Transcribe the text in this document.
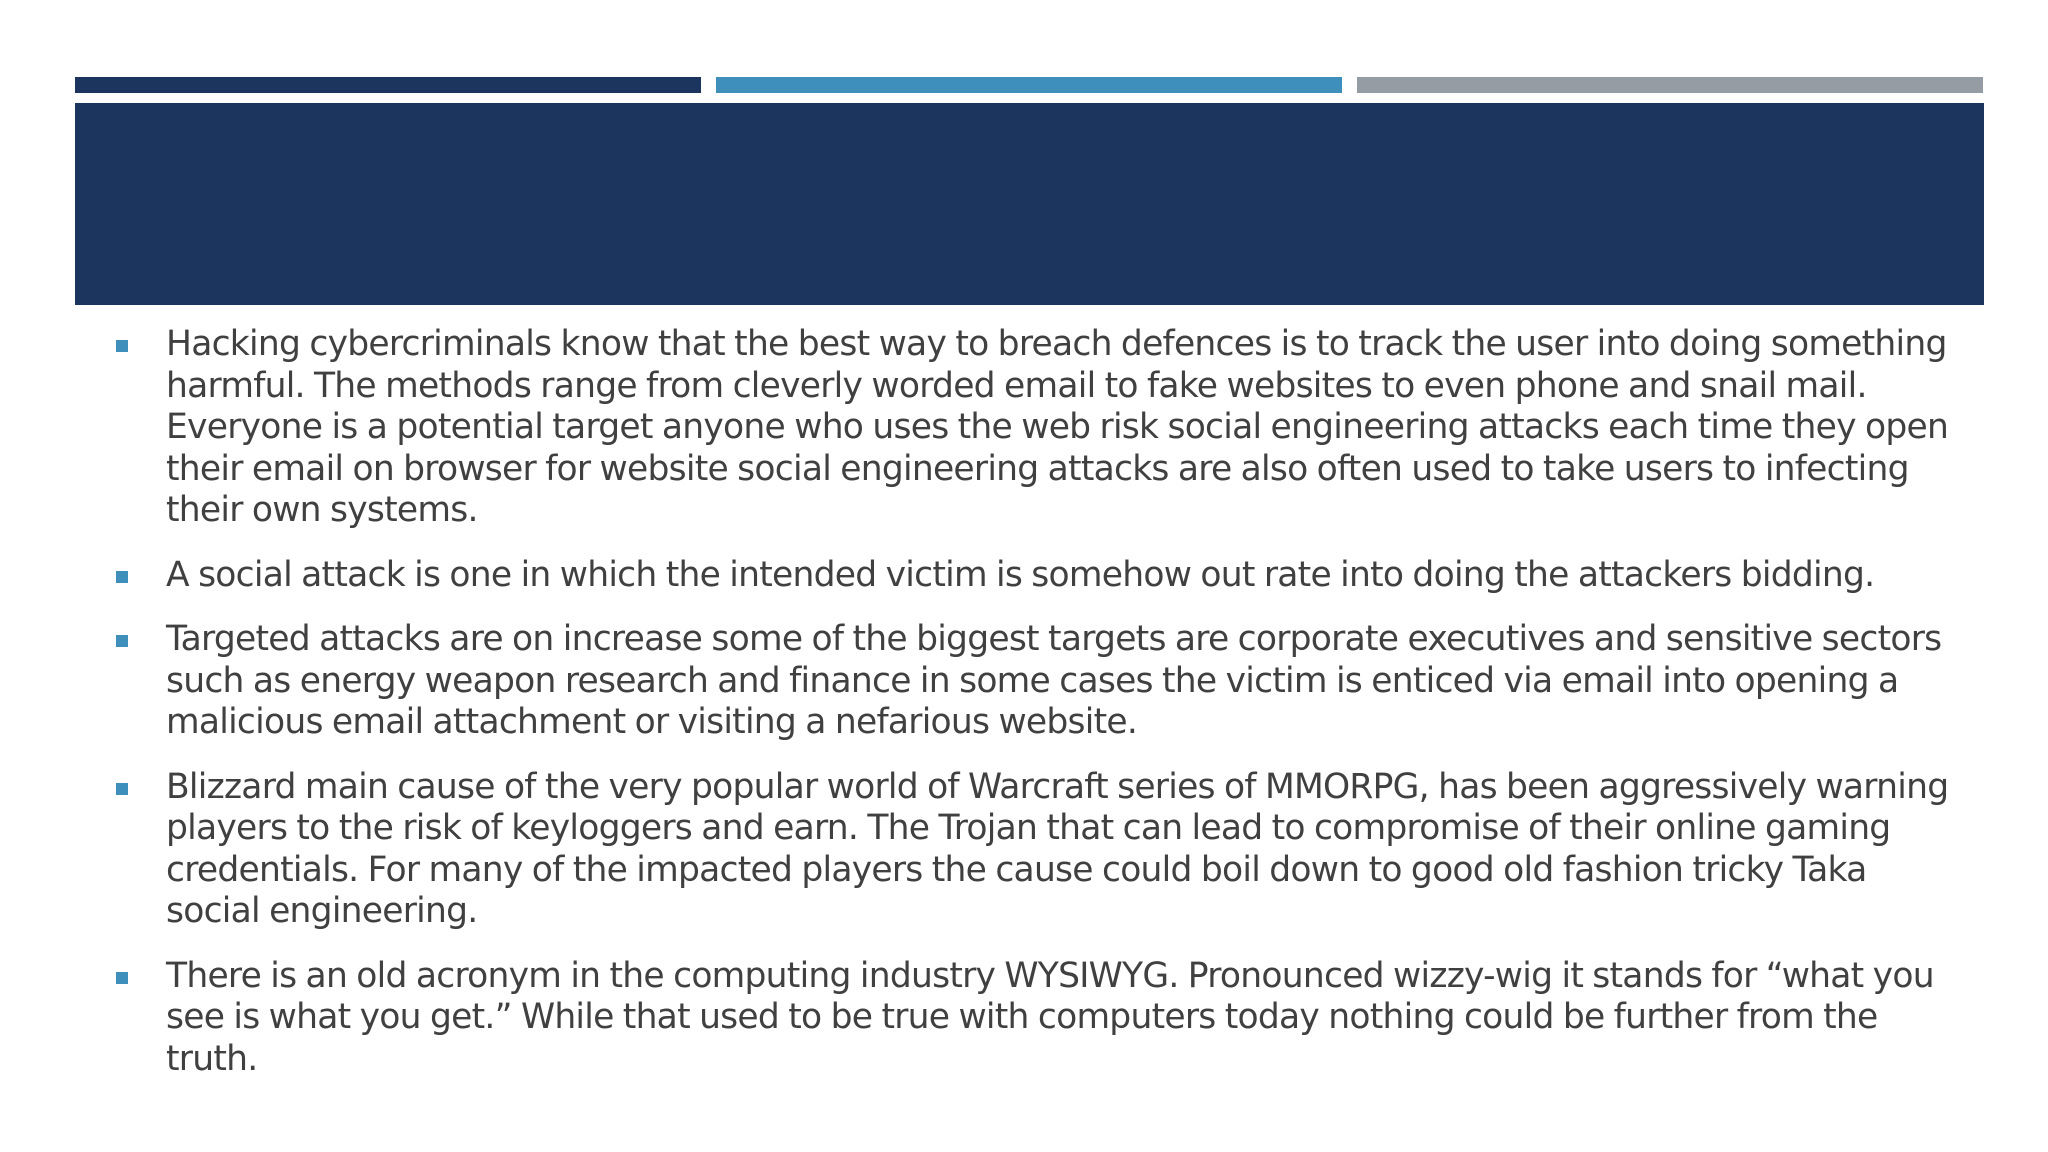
Hacking cybercriminals know that the best way to breach defences is to track the user into doing something harmful. The methods range from cleverly worded email to fake websites to even phone and snail mail. Everyone is a potential target anyone who uses the web risk social engineering attacks each time they open their email on browser for website social engineering attacks are also often used to take users to infecting their own systems.
A social attack is one in which the intended victim is somehow out rate into doing the attackers bidding.
Targeted attacks are on increase some of the biggest targets are corporate executives and sensitive sectors such as energy weapon research and finance in some cases the victim is enticed via email into opening a malicious email attachment or visiting a nefarious website.
Blizzard main cause of the very popular world of Warcraft series of MMORPG, has been aggressively warning players to the risk of keyloggers and earn. The Trojan that can lead to compromise of their online gaming credentials. For many of the impacted players the cause could boil down to good old fashion tricky Taka social engineering.
There is an old acronym in the computing industry WYSIWYG. Pronounced wizzy-wig it stands for “what you see is what you get.” While that used to be true with computers today nothing could be further from the truth.
